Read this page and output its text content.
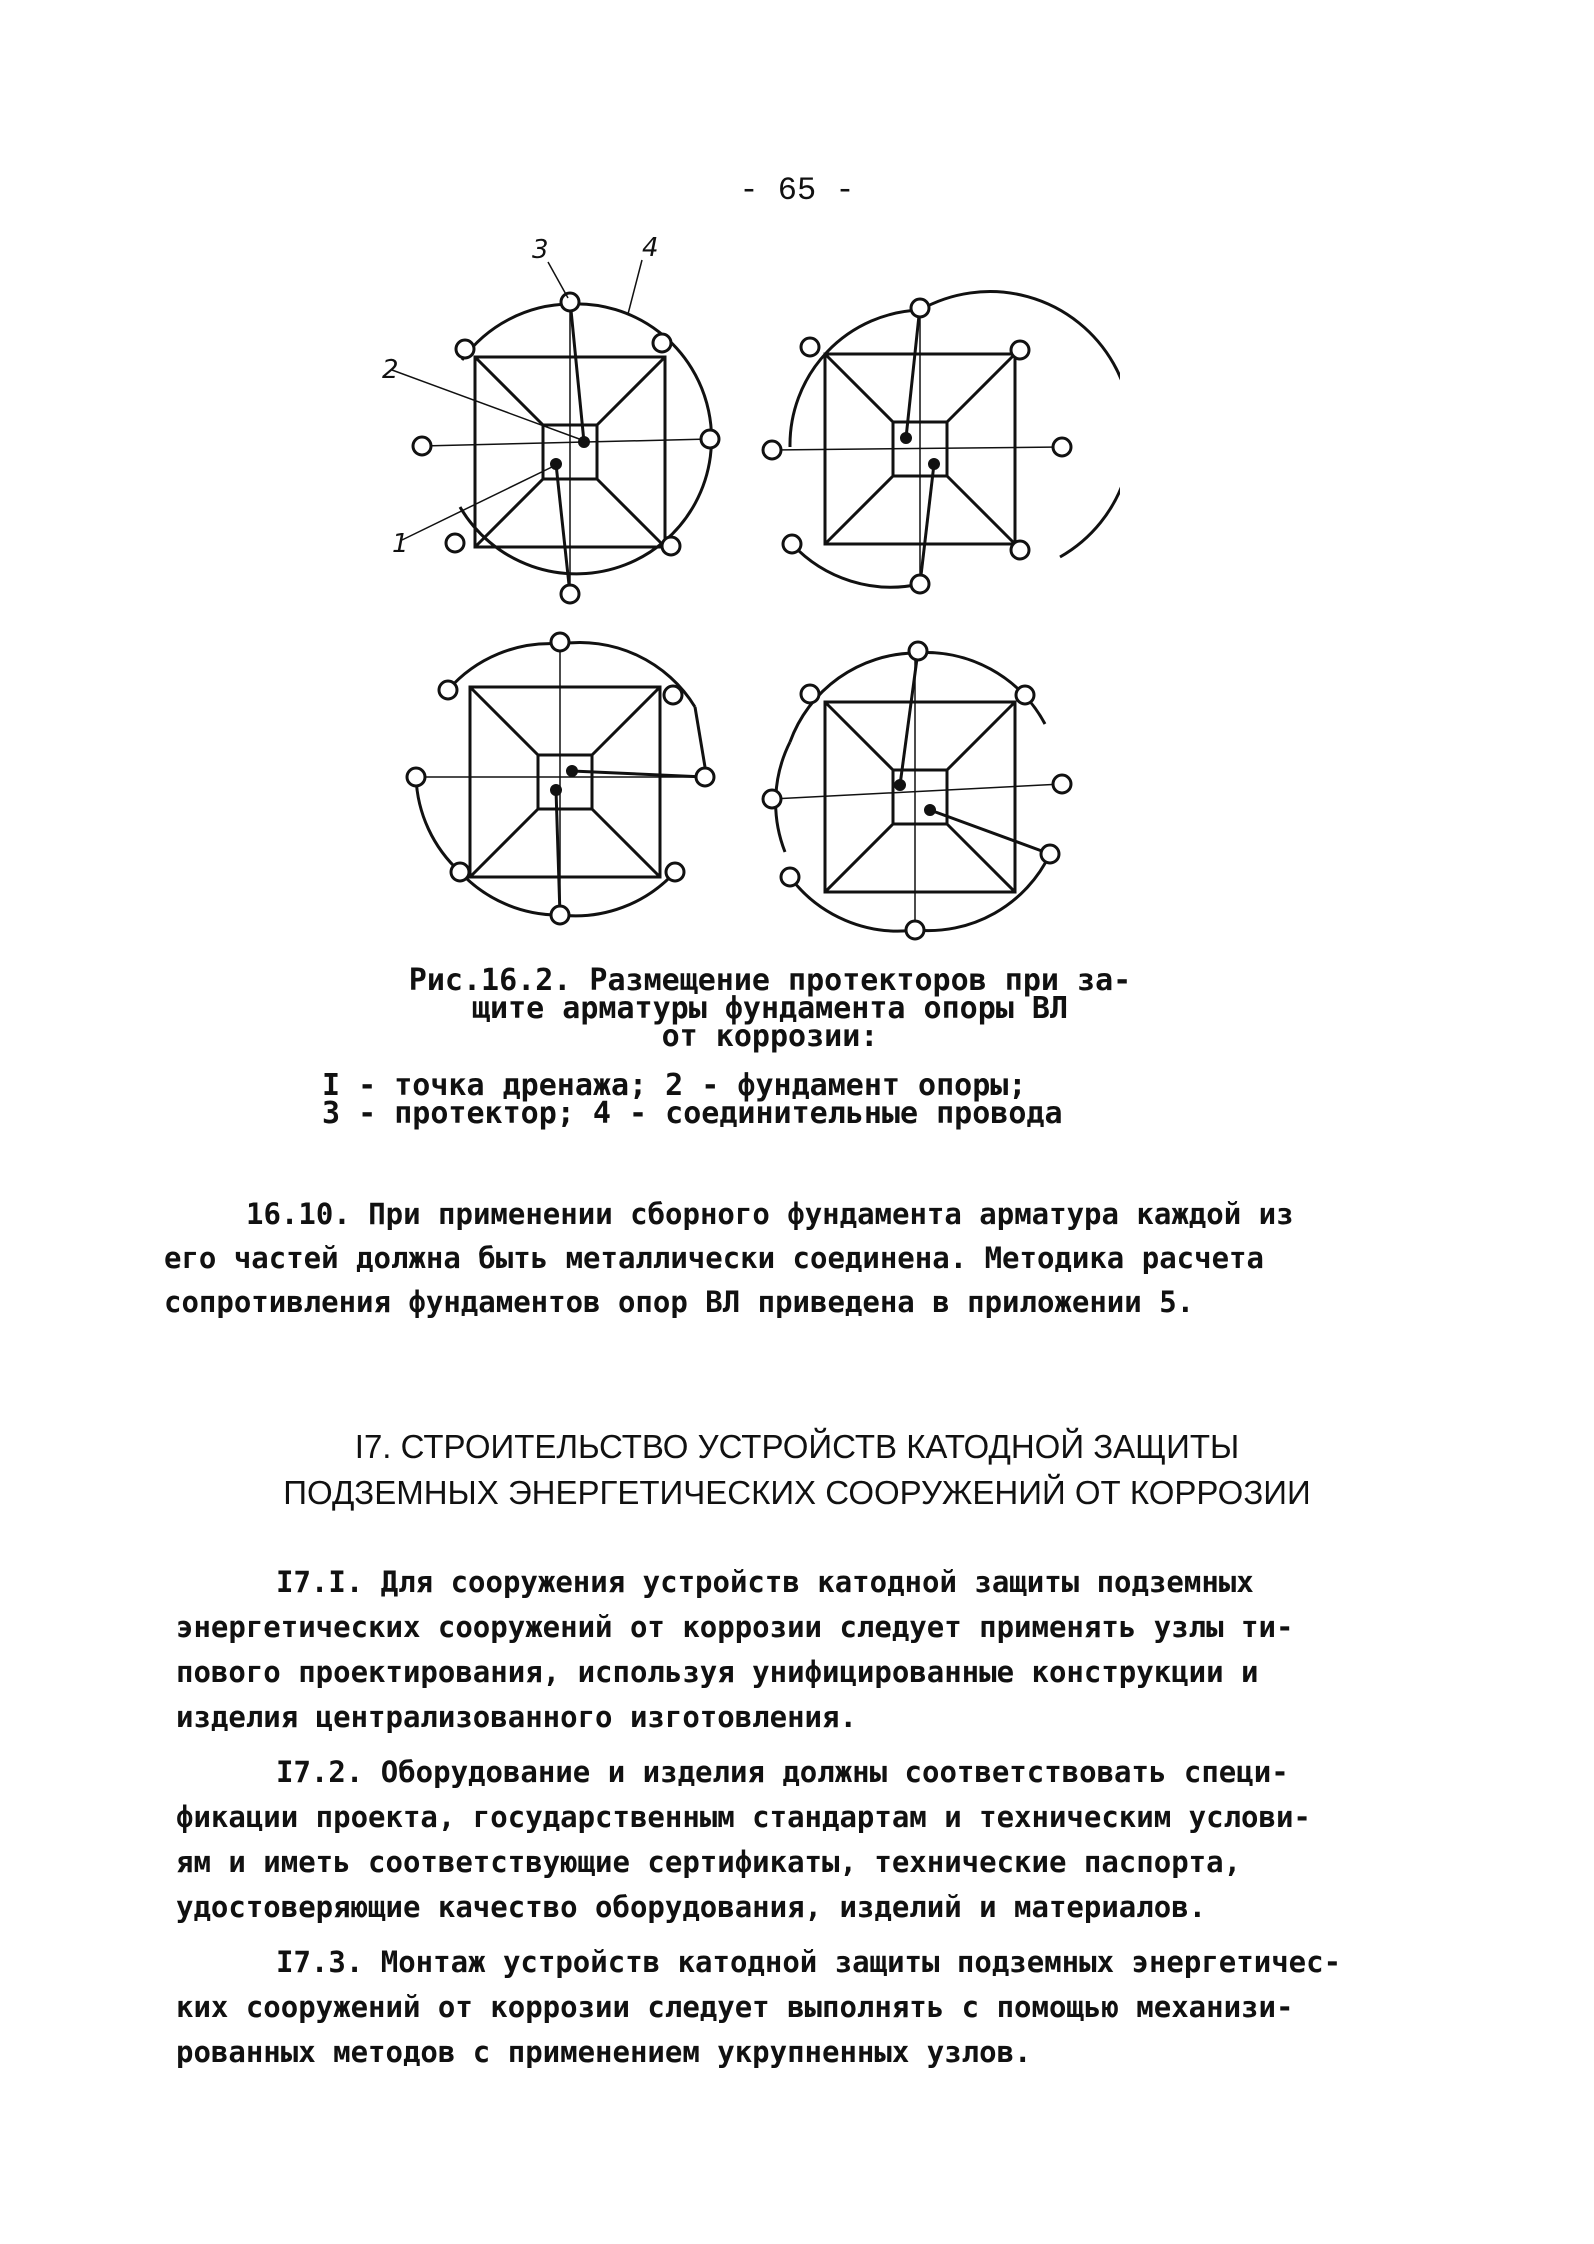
- 65 -
2
1
3	4
Рис.16.2. Размещение протекторов при за-
щите арматуры фундамента опоры ВЛ
от коррозии:
I - точка дренажа; 2 - фундамент опоры;
3 - протектор; 4 - соединительные провода
16.10. При применении сборного фундамента арматура каждой из
его частей должна быть металлически соединена. Методика расчета
сопротивления фундаментов опор ВЛ приведена в приложении 5.
I7. СТРОИТЕЛЬСТВО УСТРОЙСТВ КАТОДНОЙ ЗАЩИТЫ
ПОДЗЕМНЫХ ЭНЕРГЕТИЧЕСКИХ СООРУЖЕНИЙ ОТ КОРРОЗИИ
I7.I. Для сооружения устройств катодной защиты подземных
энергетических сооружений от коррозии следует применять узлы ти-
пового проектирования, используя унифицированные конструкции и
изделия централизованного изготовления.
I7.2. Оборудование и изделия должны соответствовать специ-
фикации проекта, государственным стандартам и техническим услови-
ям и иметь соответствующие сертификаты, технические паспорта,
удостоверяющие качество оборудования, изделий и материалов.
I7.3. Монтаж устройств катодной защиты подземных энергетичес-
ких сооружений от коррозии следует выполнять с помощью механизи-
рованных методов с применением укрупненных узлов.
